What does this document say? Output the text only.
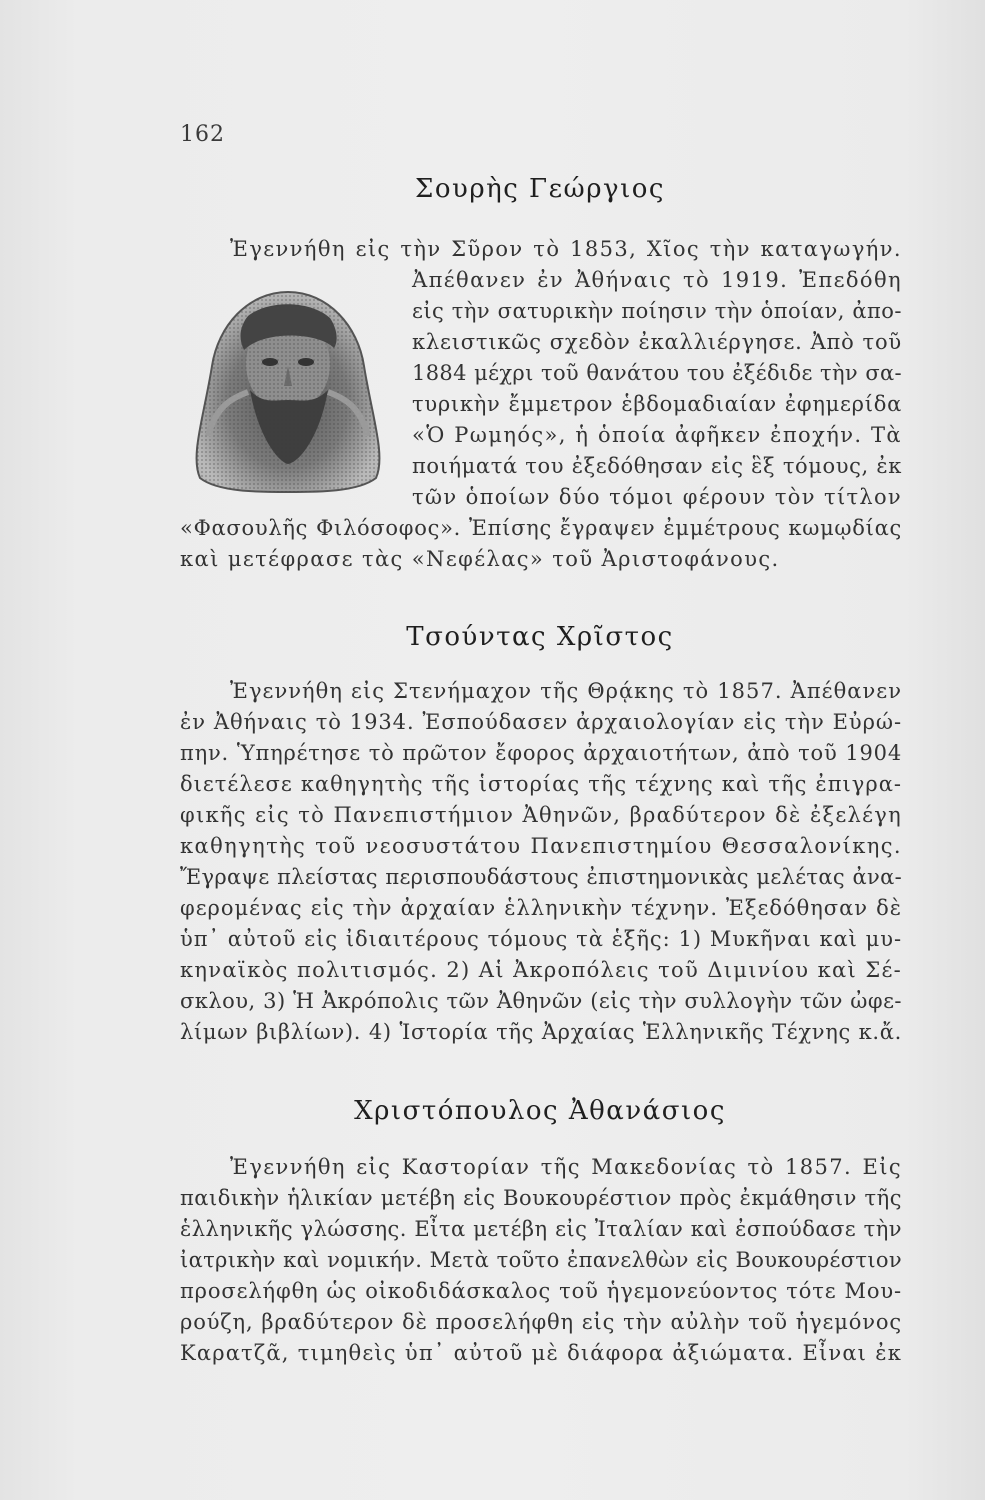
162
Σουρὴς Γεώργιος
Ἐγεννήθη εἰς τὴν Σῦρον τὸ 1853, Χῖος τὴν καταγωγήν.
Ἀπέθανεν ἐν Ἀθήναις τὸ 1919. Ἐπεδόθη
εἰς τὴν σατυρικὴν ποίησιν τὴν ὁποίαν, ἀπο-
κλειστικῶς σχεδὸν ἐκαλλιέργησε. Ἀπὸ τοῦ
1884 μέχρι τοῦ θανάτου του ἐξέδιδε τὴν σα-
τυρικὴν ἔμμετρον ἑβδομαδιαίαν ἐφημερίδα
«Ὁ Ρωμηός», ἡ ὁποία ἀφῆκεν ἐποχήν. Τὰ
ποιήματά του ἐξεδόθησαν εἰς ἓξ τόμους, ἐκ
τῶν ὁποίων δύο τόμοι φέρουν τὸν τίτλον
«Φασουλῆς Φιλόσοφος». Ἐπίσης ἔγραψεν ἐμμέτρους κωμῳδίας
καὶ μετέφρασε τὰς «Νεφέλας» τοῦ Ἀριστοφάνους.
Τσούντας Χρῖστος
Ἐγεννήθη εἰς Στενήμαχον τῆς Θρᾴκης τὸ 1857. Ἀπέθανεν
ἐν Ἀθήναις τὸ 1934. Ἐσπούδασεν ἀρχαιολογίαν εἰς τὴν Εὐρώ-
πην. Ὑπηρέτησε τὸ πρῶτον ἔφορος ἀρχαιοτήτων, ἀπὸ τοῦ 1904
διετέλεσε καθηγητὴς τῆς ἱστορίας τῆς τέχνης καὶ τῆς ἐπιγρα-
φικῆς εἰς τὸ Πανεπιστήμιον Ἀθηνῶν, βραδύτερον δὲ ἐξελέγη
καθηγητὴς τοῦ νεοσυστάτου Πανεπιστημίου Θεσσαλονίκης.
Ἔγραψε πλείστας περισπουδάστους ἐπιστημονικὰς μελέτας ἀνα-
φερομένας εἰς τὴν ἀρχαίαν ἑλληνικὴν τέχνην. Ἐξεδόθησαν δὲ
ὑπ᾽ αὐτοῦ εἰς ἰδιαιτέρους τόμους τὰ ἑξῆς: 1) Μυκῆναι καὶ μυ-
κηναϊκὸς πολιτισμός. 2) Αἱ Ἀκροπόλεις τοῦ Διμινίου καὶ Σέ-
σκλου, 3) Ἡ Ἀκρόπολις τῶν Ἀθηνῶν (εἰς τὴν συλλογὴν τῶν ὠφε-
λίμων βιβλίων). 4) Ἱστορία τῆς Ἀρχαίας Ἑλληνικῆς Τέχνης κ.ἄ.
Χριστόπουλος Ἀθανάσιος
Ἐγεννήθη εἰς Καστορίαν τῆς Μακεδονίας τὸ 1857. Εἰς
παιδικὴν ἡλικίαν μετέβη εἰς Βουκουρέστιον πρὸς ἐκμάθησιν τῆς
ἑλληνικῆς γλώσσης. Εἶτα μετέβη εἰς Ἰταλίαν καὶ ἐσπούδασε τὴν
ἰατρικὴν καὶ νομικήν. Μετὰ τοῦτο ἐπανελθὼν εἰς Βουκουρέστιον
προσελήφθη ὡς οἰκοδιδάσκαλος τοῦ ἡγεμονεύοντος τότε Μου-
ρούζη, βραδύτερον δὲ προσελήφθη εἰς τὴν αὐλὴν τοῦ ἡγεμόνος
Καρατζᾶ, τιμηθεὶς ὑπ᾽ αὐτοῦ μὲ διάφορα ἀξιώματα. Εἶναι ἐκ
